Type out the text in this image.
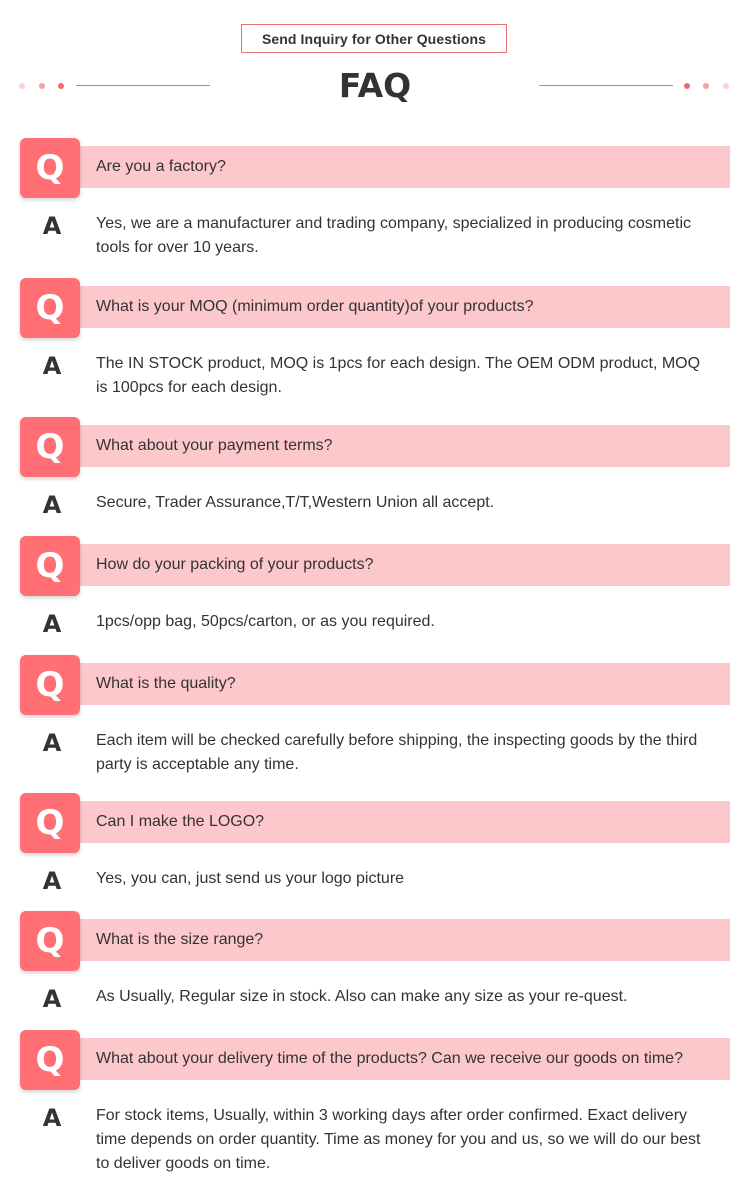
Send Inquiry for Other Questions
FAQ
Are you a factory?
Q
A Yes, we are a manufacturer and trading company, specialized in producing cosmetic tools for over 10 years.
What is your MOQ (minimum order quantity)of your products?
Q
A The IN STOCK product, MOQ is 1pcs for each design. The OEM ODM product, MOQ is 100pcs for each design.
What about your payment terms?
Q
A Secure, Trader Assurance,T/T,Western Union all accept.
How do your packing of your products?
Q
A 1pcs/opp bag, 50pcs/carton, or as you required.
What is the quality?
Q
A Each item will be checked carefully before shipping, the inspecting goods by the third party is acceptable any time.
Can I make the LOGO?
Q
A Yes, you can, just send us your logo picture
What is the size range?
Q
A As Usually, Regular size in stock. Also can make any size as your re-quest.
What about your delivery time of the products? Can we receive our goods on time?
Q
A For stock items, Usually, within 3 working days after order confirmed. Exact delivery time depends on order quantity. Time as money for you and us, so we will do our best to deliver goods on time.
